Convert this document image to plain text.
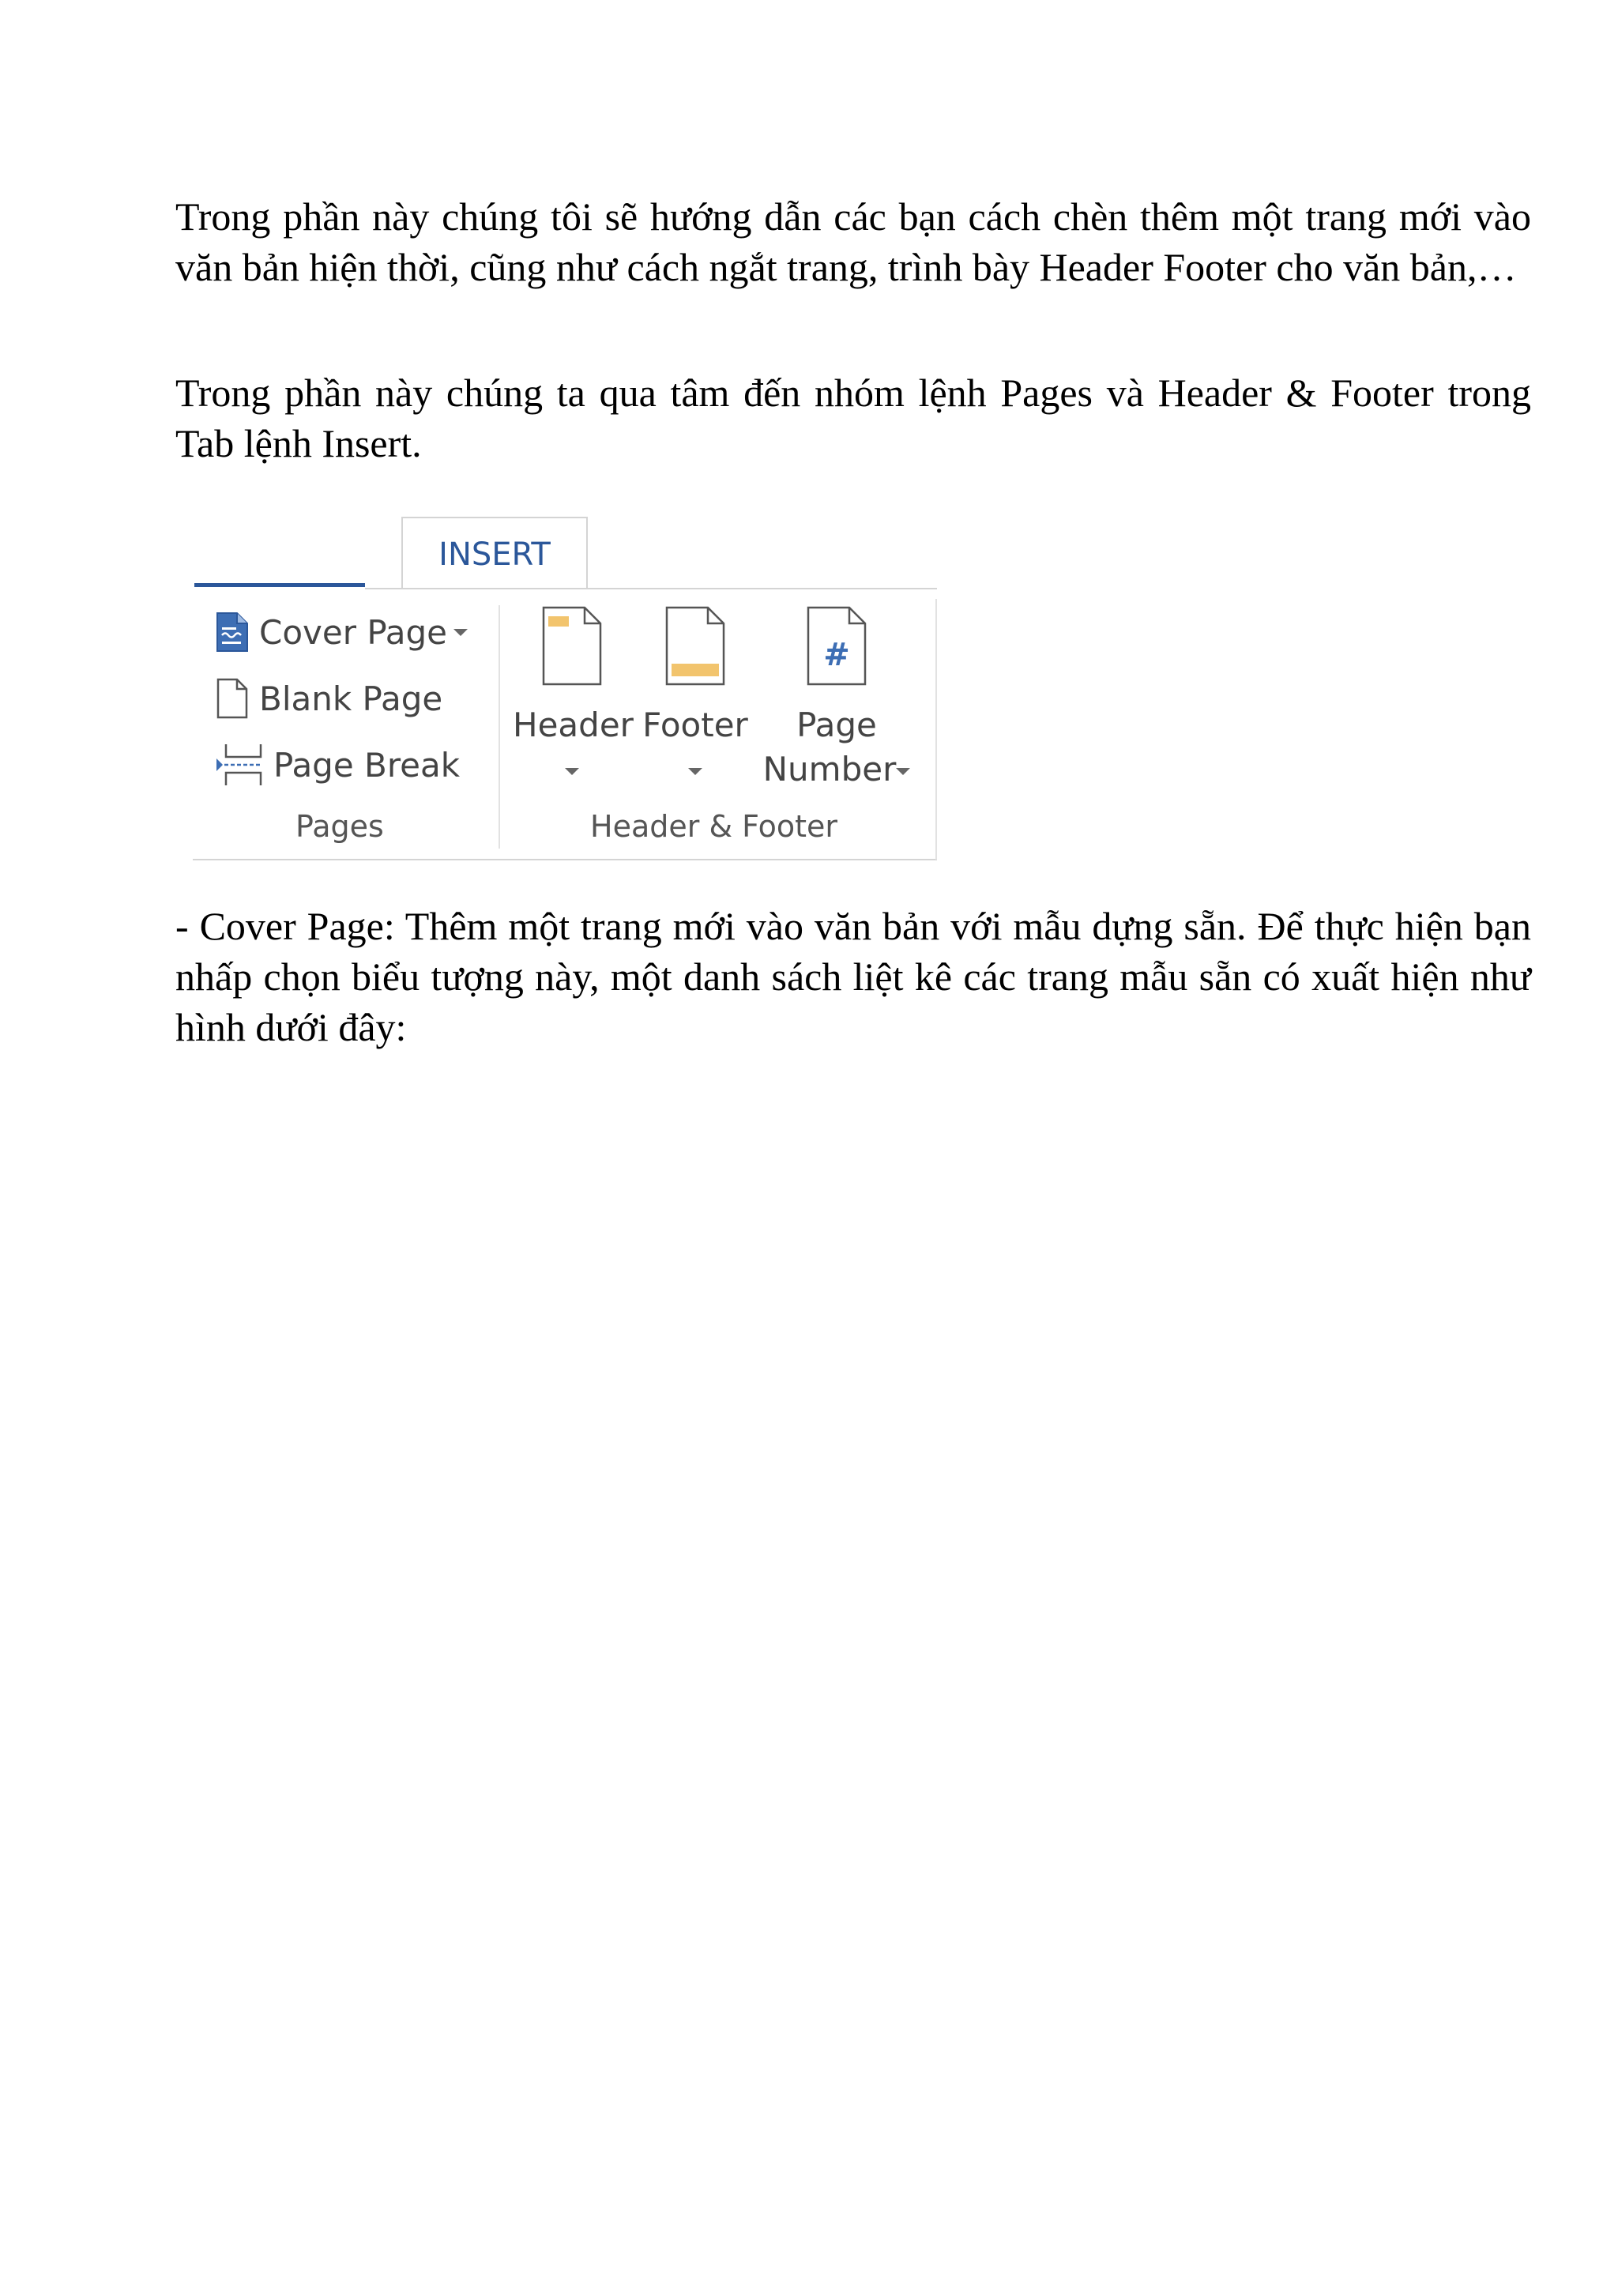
Trong phần này chúng tôi sẽ hướng dẫn các bạn cách chèn thêm một trang mới vào văn bản hiện thời, cũng như cách ngắt trang, trình bày Header Footer cho văn bản,…

Trong phần này chúng ta qua tâm đến nhóm lệnh Pages và Header & Footer trong Tab lệnh Insert.

INSERT
Cover Page
Blank Page
Page Break
Pages
Header Footer
#
Page
Number
Header & Footer

- Cover Page: Thêm một trang mới vào văn bản với mẫu dựng sẵn. Để thực hiện bạn nhấp chọn biểu tượng này, một danh sách liệt kê các trang mẫu sẵn có xuất hiện như hình dưới đây:
